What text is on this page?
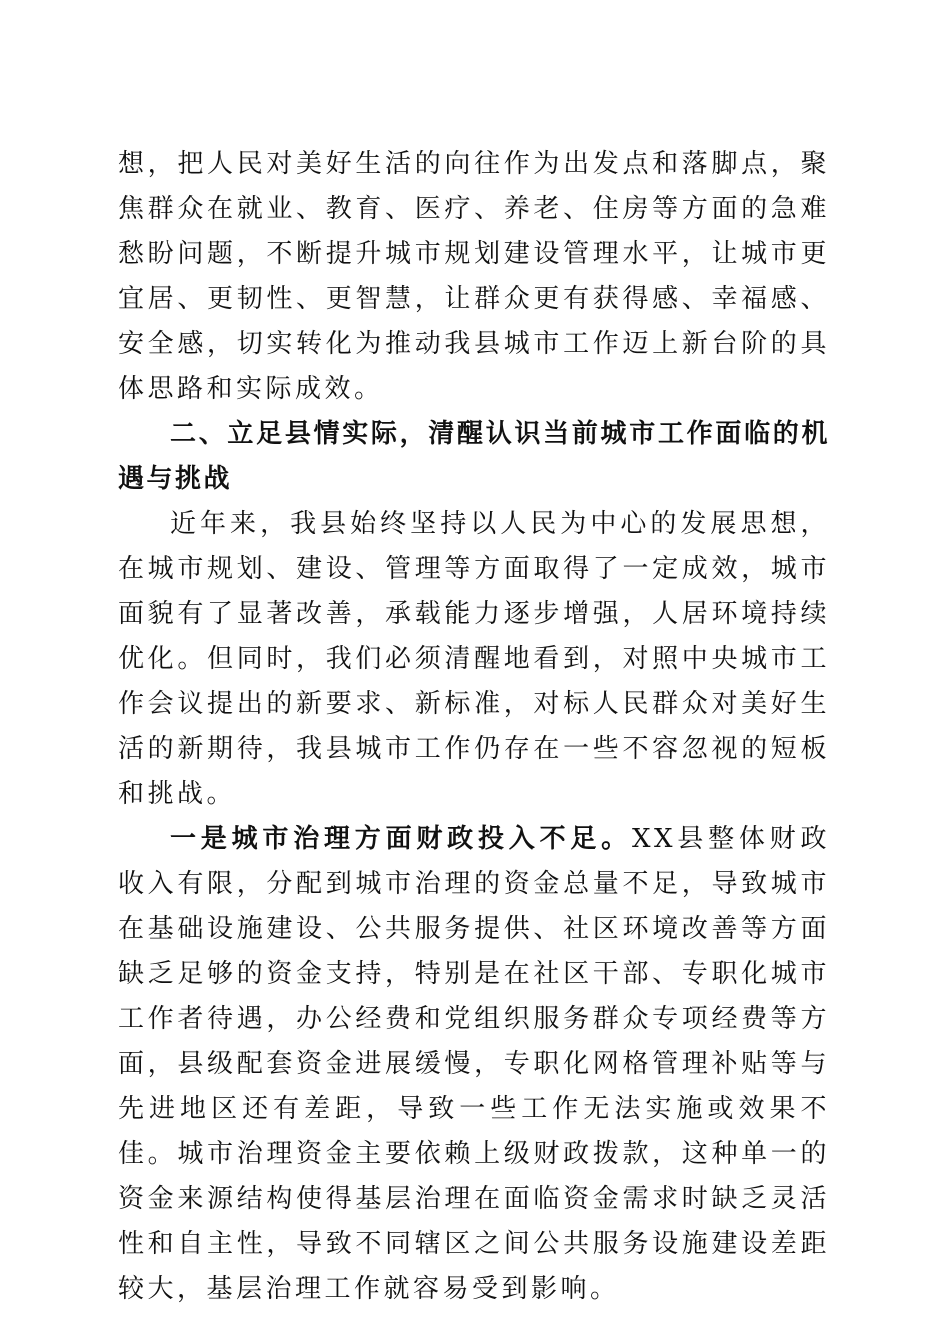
想，把人民对美好生活的向往作为出发点和落脚点，聚焦群众在就业、教育、医疗、养老、住房等方面的急难愁盼问题，不断提升城市规划建设管理水平，让城市更宜居、更韧性、更智慧，让群众更有获得感、幸福感、安全感，切实转化为推动我县城市工作迈上新台阶的具体思路和实际成效。

二、立足县情实际，清醒认识当前城市工作面临的机遇与挑战

近年来，我县始终坚持以人民为中心的发展思想，在城市规划、建设、管理等方面取得了一定成效，城市面貌有了显著改善，承载能力逐步增强，人居环境持续优化。但同时，我们必须清醒地看到，对照中央城市工作会议提出的新要求、新标准，对标人民群众对美好生活的新期待，我县城市工作仍存在一些不容忽视的短板和挑战。

一是城市治理方面财政投入不足。XX县整体财政收入有限，分配到城市治理的资金总量不足，导致城市在基础设施建设、公共服务提供、社区环境改善等方面缺乏足够的资金支持，特别是在社区干部、专职化城市工作者待遇，办公经费和党组织服务群众专项经费等方面，县级配套资金进展缓慢，专职化网格管理补贴等与先进地区还有差距，导致一些工作无法实施或效果不佳。城市治理资金主要依赖上级财政拨款，这种单一的资金来源结构使得基层治理在面临资金需求时缺乏灵活性和自主性，导致不同辖区之间公共服务设施建设差距较大，基层治理工作就容易受到影响。
